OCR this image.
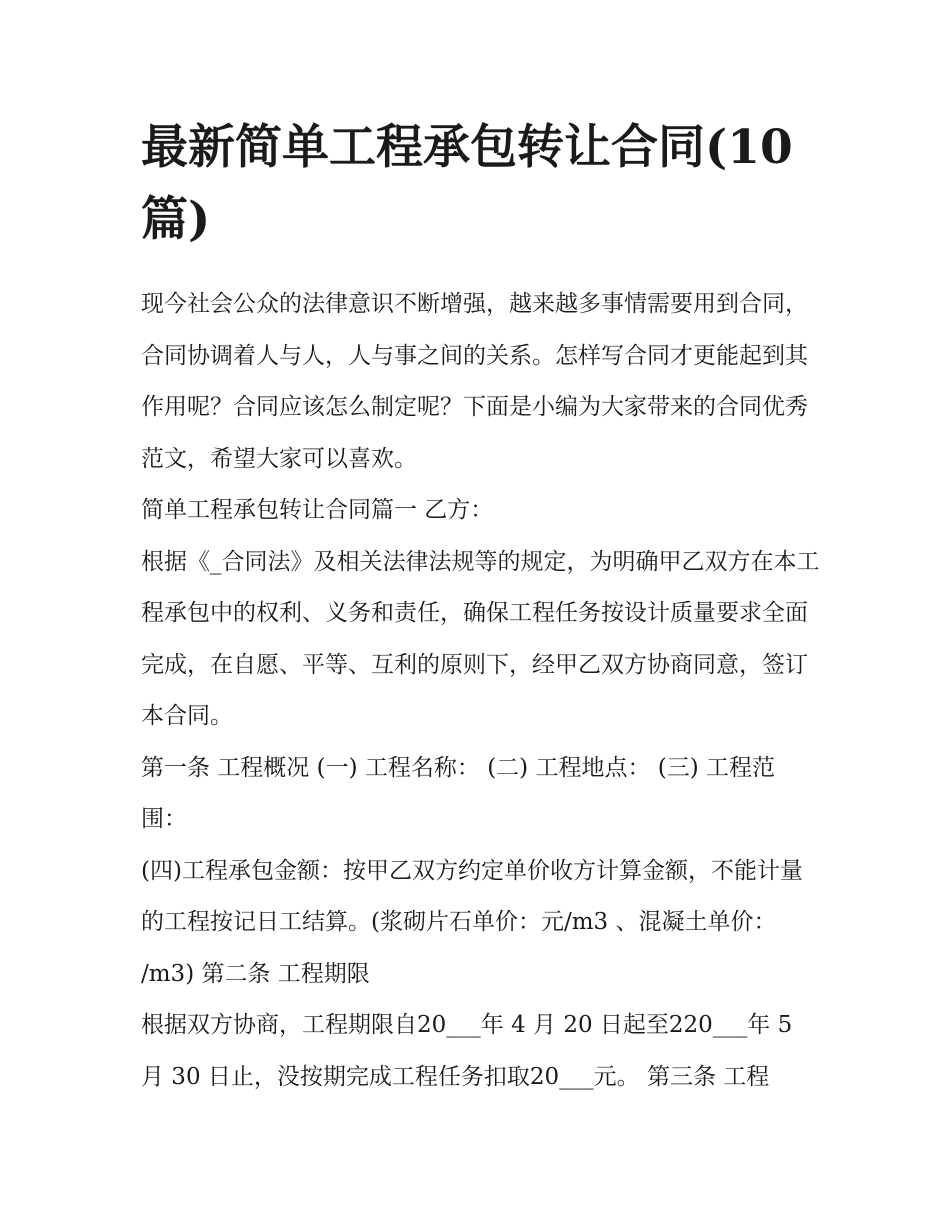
最新简单工程承包转让合同(10篇)

现今社会公众的法律意识不断增强，越来越多事情需要用到合同，合同协调着人与人，人与事之间的关系。怎样写合同才更能起到其作用呢？合同应该怎么制定呢？下面是小编为大家带来的合同优秀范文，希望大家可以喜欢。

简单工程承包转让合同篇一 乙方：

根据《_合同法》及相关法律法规等的规定，为明确甲乙双方在本工程承包中的权利、义务和责任，确保工程任务按设计质量要求全面完成，在自愿、平等、互利的原则下，经甲乙双方协商同意，签订本合同。

第一条 工程概况 (一) 工程名称： (二) 工程地点： (三) 工程范围：

(四)工程承包金额：按甲乙双方约定单价收方计算金额，不能计量的工程按记日工结算。(浆砌片石单价：元/m3 、混凝土单价： /m3) 第二条 工程期限

根据双方协商，工程期限自20___年 4 月 20 日起至220___年 5 月 30 日止，没按期完成工程任务扣取20___元。 第三条 工程
